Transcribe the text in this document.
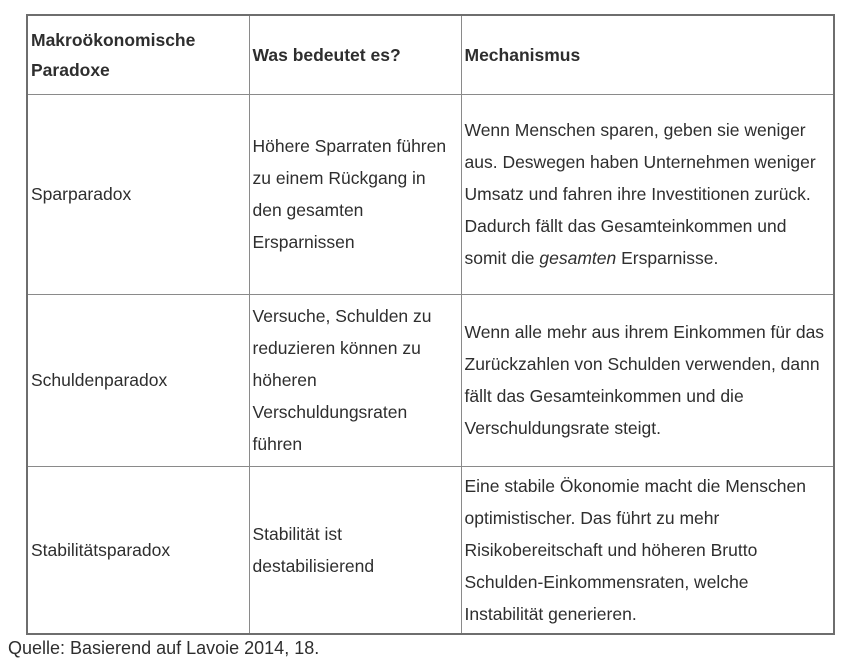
Makroökonomische Paradoxe	Was bedeutet es?	Mechanismus
Sparparadox	Höhere Sparraten führen zu einem Rückgang in den gesamten Ersparnissen	Wenn Menschen sparen, geben sie weniger aus. Deswegen haben Unternehmen weniger Umsatz und fahren ihre Investitionen zurück. Dadurch fällt das Gesamteinkommen und somit die gesamten Ersparnisse.
Schuldenparadox	Versuche, Schulden zu reduzieren können zu höheren Verschuldungsraten führen	Wenn alle mehr aus ihrem Einkommen für das Zurückzahlen von Schulden verwenden, dann fällt das Gesamteinkommen und die Verschuldungsrate steigt.
Stabilitätsparadox	Stabilität ist destabilisierend	Eine stabile Ökonomie macht die Menschen optimistischer. Das führt zu mehr Risikobereitschaft und höheren Brutto Schulden-Einkommensraten, welche Instabilität generieren.
Quelle: Basierend auf Lavoie 2014, 18.
